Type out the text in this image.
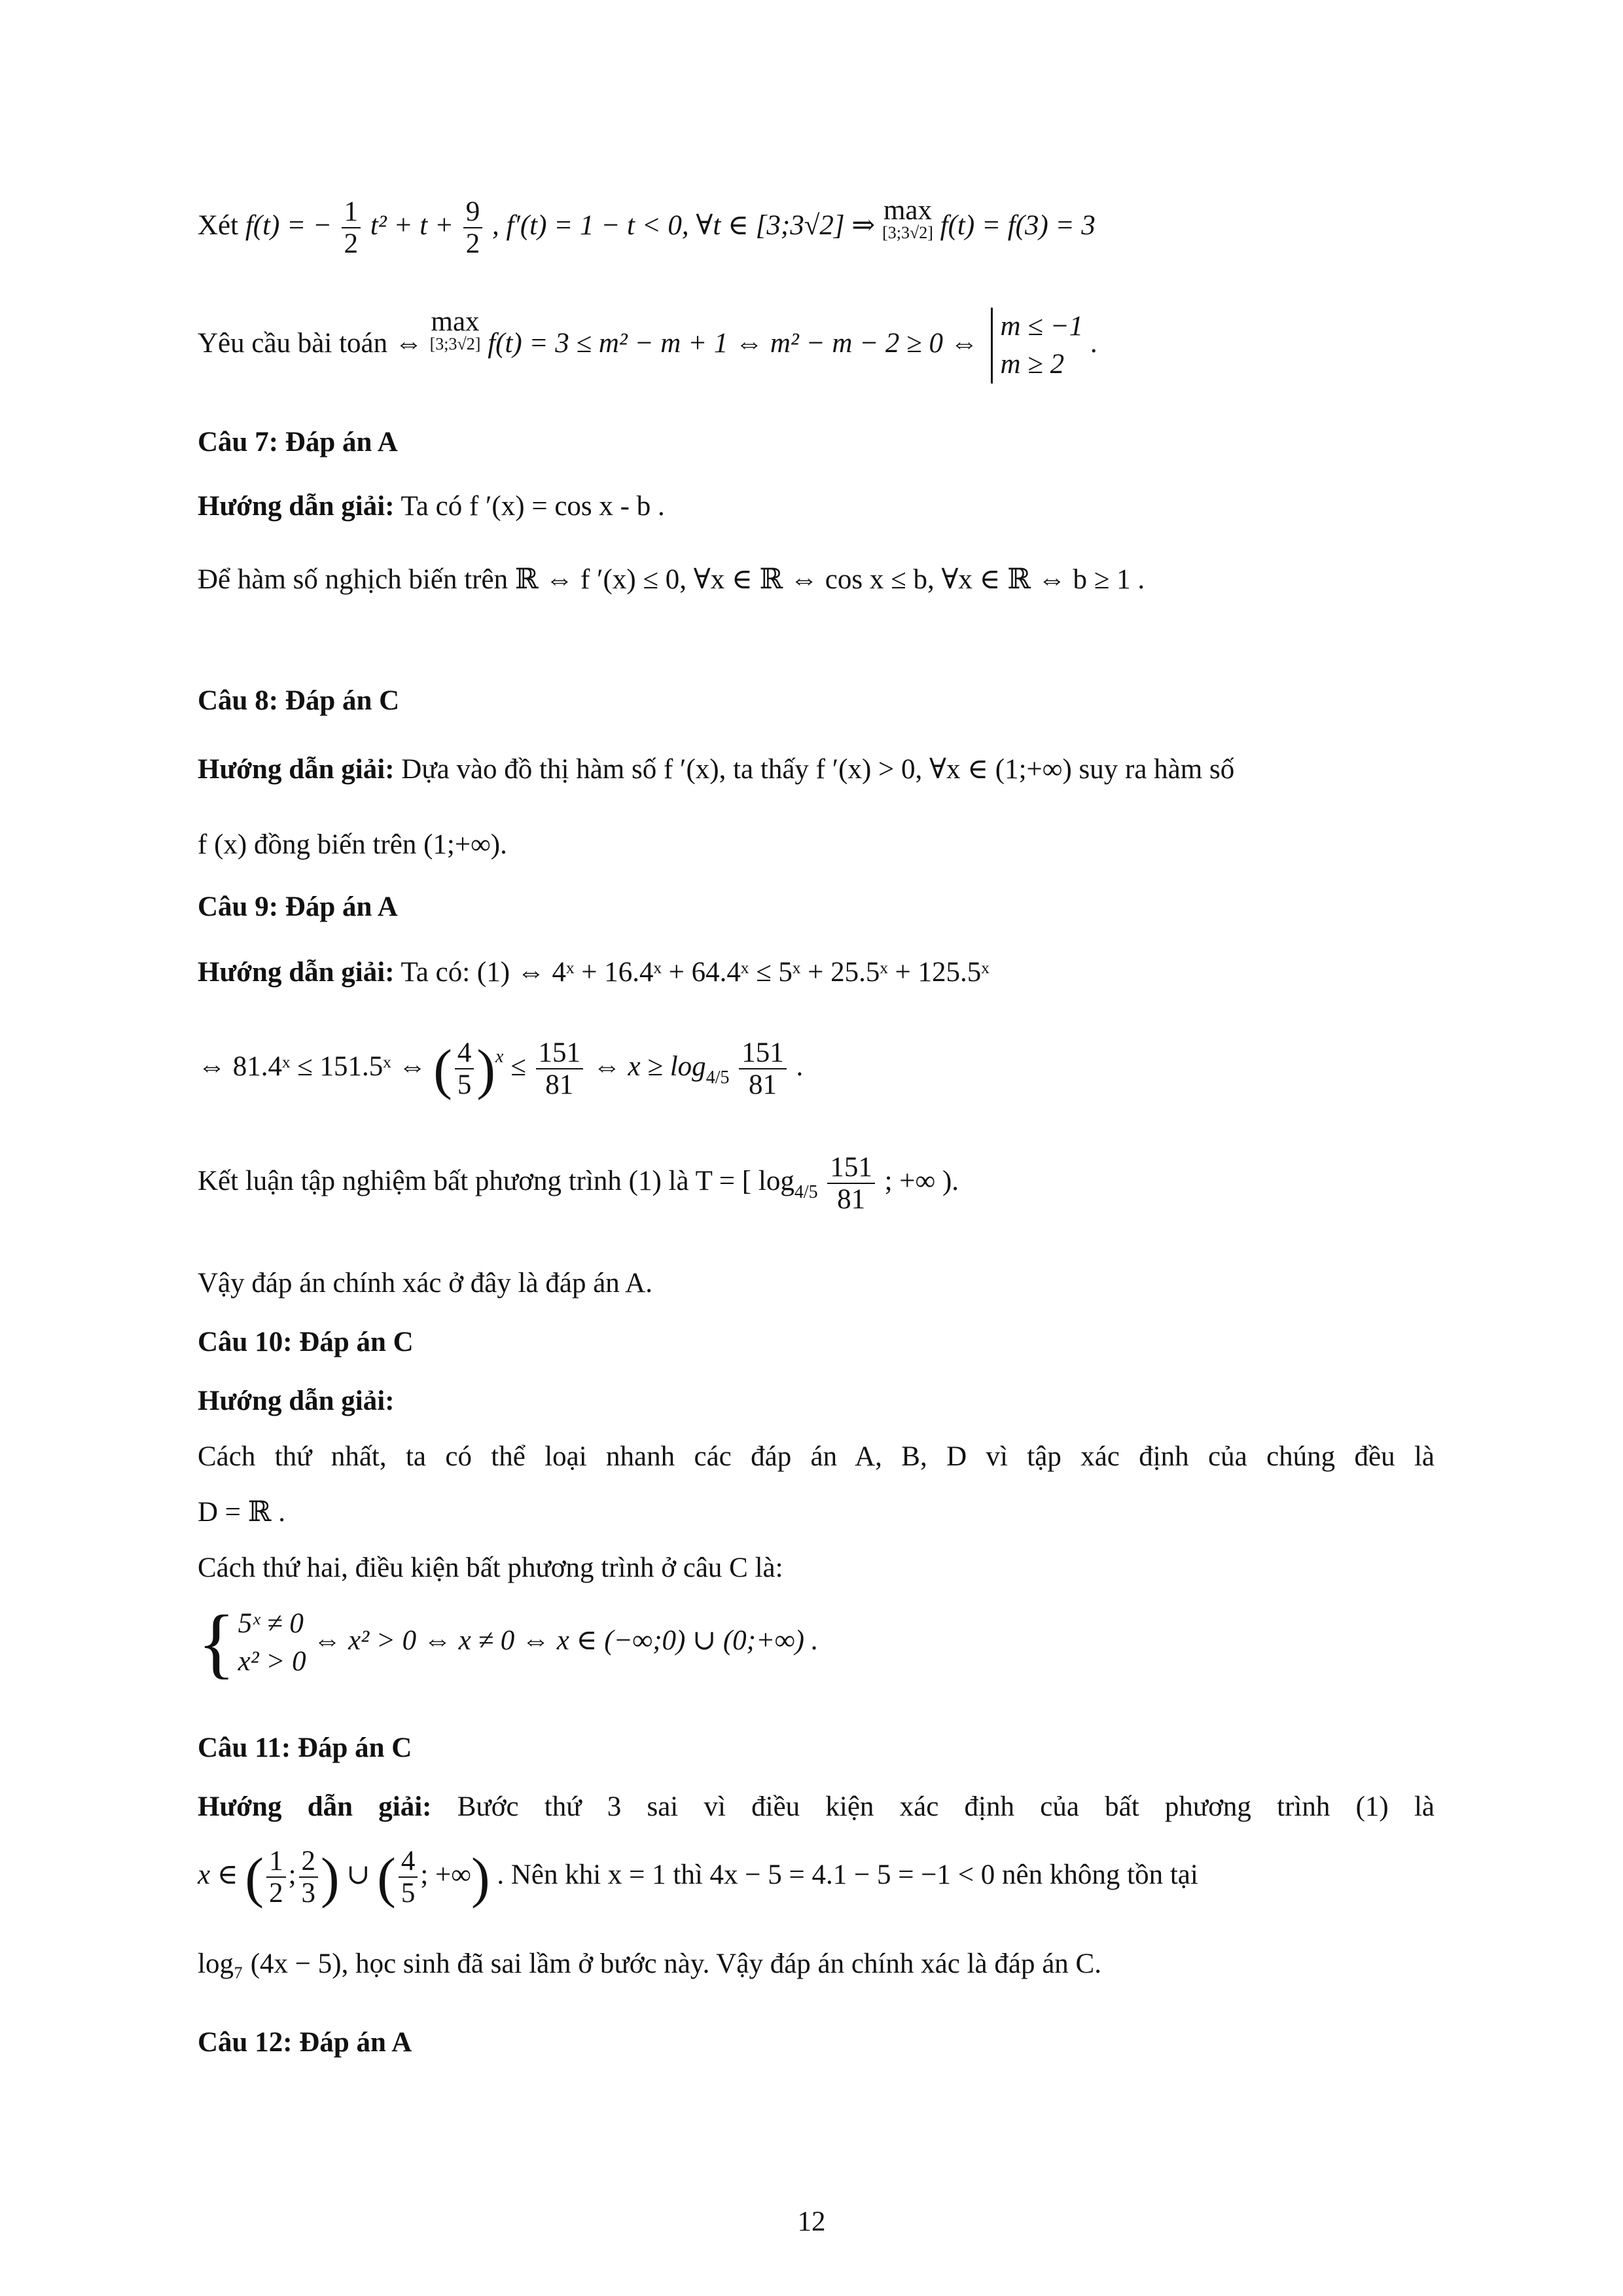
Xét f(t) = − $\frac{1}{2} t^2 + t + \frac{9}{2}$ , f′(t) = 1 − t < 0, ∀t ∈ [3;3√2] ⇒ max
[3;3√2] f(t) = f(3) = 3
Yêu cầu bài toán ⇔
max
[3;3√2] f(t) = 3 ≤ m² − m + 1 ⇔ m² − m − 2 ≥ 0 ⇔
m ≤ −1
m ≥ 2
.
Câu 7: Đáp án A
Hướng dẫn giải: Ta có f ′(x) = cos x - b .
Để hàm số nghịch biến trên ℝ ⇔ f ′(x) ≤ 0, ∀x ∈ ℝ ⇔ cos x ≤ b, ∀x ∈ ℝ ⇔ b ≥ 1 .
Câu 8: Đáp án C
Hướng dẫn giải: Dựa vào đồ thị hàm số f ′(x), ta thấy f ′(x) > 0, ∀x ∈ (1;+∞) suy ra hàm số
f (x) đồng biến trên (1;+∞).
Câu 9: Đáp án A
Hướng dẫn giải: Ta có: (1) ⇔ 4ˣ + 16.4ˣ + 64.4ˣ ≤ 5ˣ + 25.5ˣ + 125.5ˣ
⇔ 81.4ˣ ≤ 151.5ˣ ⇔ ( $\frac{4}{5} )^x \le \frac{151}{81}$ ⇔ $x \ge \log_{4/5} \frac{151}{81}$ .
Kết luận tập nghiệm bất phương trình (1) là T = [ $\log_{4/5} \frac{151}{81}$ ; +∞ ).
Vậy đáp án chính xác ở đây là đáp án A.
Câu 10: Đáp án C
Hướng dẫn giải:
Cách thứ nhất, ta có thể loại nhanh các đáp án A, B, D vì tập xác định của chúng đều là
D = ℝ .
Cách thứ hai, điều kiện bất phương trình ở câu C là:
{ 5ˣ ≠ 0
x² > 0
⇔ x² > 0 ⇔ x ≠ 0 ⇔ x ∈ (−∞;0) ∪ (0;+∞) .
Câu 11: Đáp án C
Hướng dẫn giải: Bước thứ 3 sai vì điều kiện xác định của bất phương trình (1) là
x ∈ ( $\frac{1}{2}$ ; $\frac{2}{3}$ ) ∪ ( $\frac{4}{5}$ ; +∞) . Nên khi x = 1 thì 4x − 5 = 4.1 − 5 = −1 < 0 nên không tồn tại
log₇ (4x − 5), học sinh đã sai lầm ở bước này. Vậy đáp án chính xác là đáp án C.
Câu 12: Đáp án A
12
